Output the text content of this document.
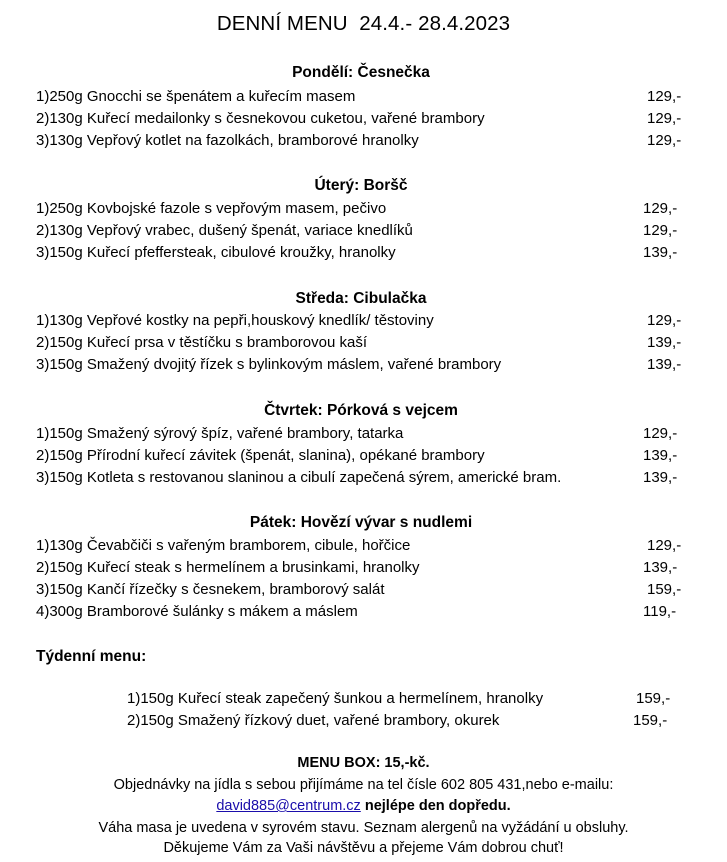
DENNÍ MENU  24.4.- 28.4.2023
Pondělí: Česnečka
1)250g Gnocchi se špenátem a kuřecím masem	129,-
2)130g Kuřecí medailonky s česnekovou cuketou, vařené brambory	129,-
3)130g Vepřový kotlet na fazolkách, bramborové hranolky	129,-
Úterý: Boršč
1)250g Kovbojské fazole s vepřovým masem, pečivo	129,-
2)130g Vepřový vrabec, dušený špenát, variace knedlíků	129,-
3)150g Kuřecí pfeffersteak, cibulové kroužky, hranolky	139,-
Středa: Cibulačka
1)130g Vepřové kostky na pepři,houskový knedlík/ těstoviny	129,-
2)150g Kuřecí prsa v těstíčku s bramborovou kaší	139,-
3)150g Smažený dvojitý řízek s bylinkovým máslem, vařené brambory	139,-
Čtvrtek: Pórková s vejcem
1)150g Smažený sýrový špíz, vařené brambory, tatarka	129,-
2)150g Přírodní kuřecí závitek (špenát, slanina), opékané brambory	139,-
3)150g Kotleta s restovanou slaninou a cibulí zapečená sýrem, americké bram.	139,-
Pátek: Hovězí vývar s nudlemi
1)130g Čevabčiči s vařeným bramborem, cibule, hořčice	129,-
2)150g Kuřecí steak s hermelínem a brusinkami, hranolky	139,-
3)150g Kančí řízečky s česnekem, bramborový salát	159,-
4)300g Bramborové šulánky s mákem a máslem	119,-
Týdenní menu:
1)150g Kuřecí steak zapečený šunkou a hermelínem, hranolky	159,-
2)150g Smažený řízkový duet, vařené brambory, okurek	159,-
MENU BOX: 15,-kč.
Objednávky na jídla s sebou přijímáme na tel čísle 602 805 431,nebo e-mailu:
david885@centrum.cz nejlépe den dopředu.
Váha masa je uvedena v syrovém stavu. Seznam alergenů na vyžádání u obsluhy.
Děkujeme Vám za Vaši návštěvu a přejeme Vám dobrou chuť!
